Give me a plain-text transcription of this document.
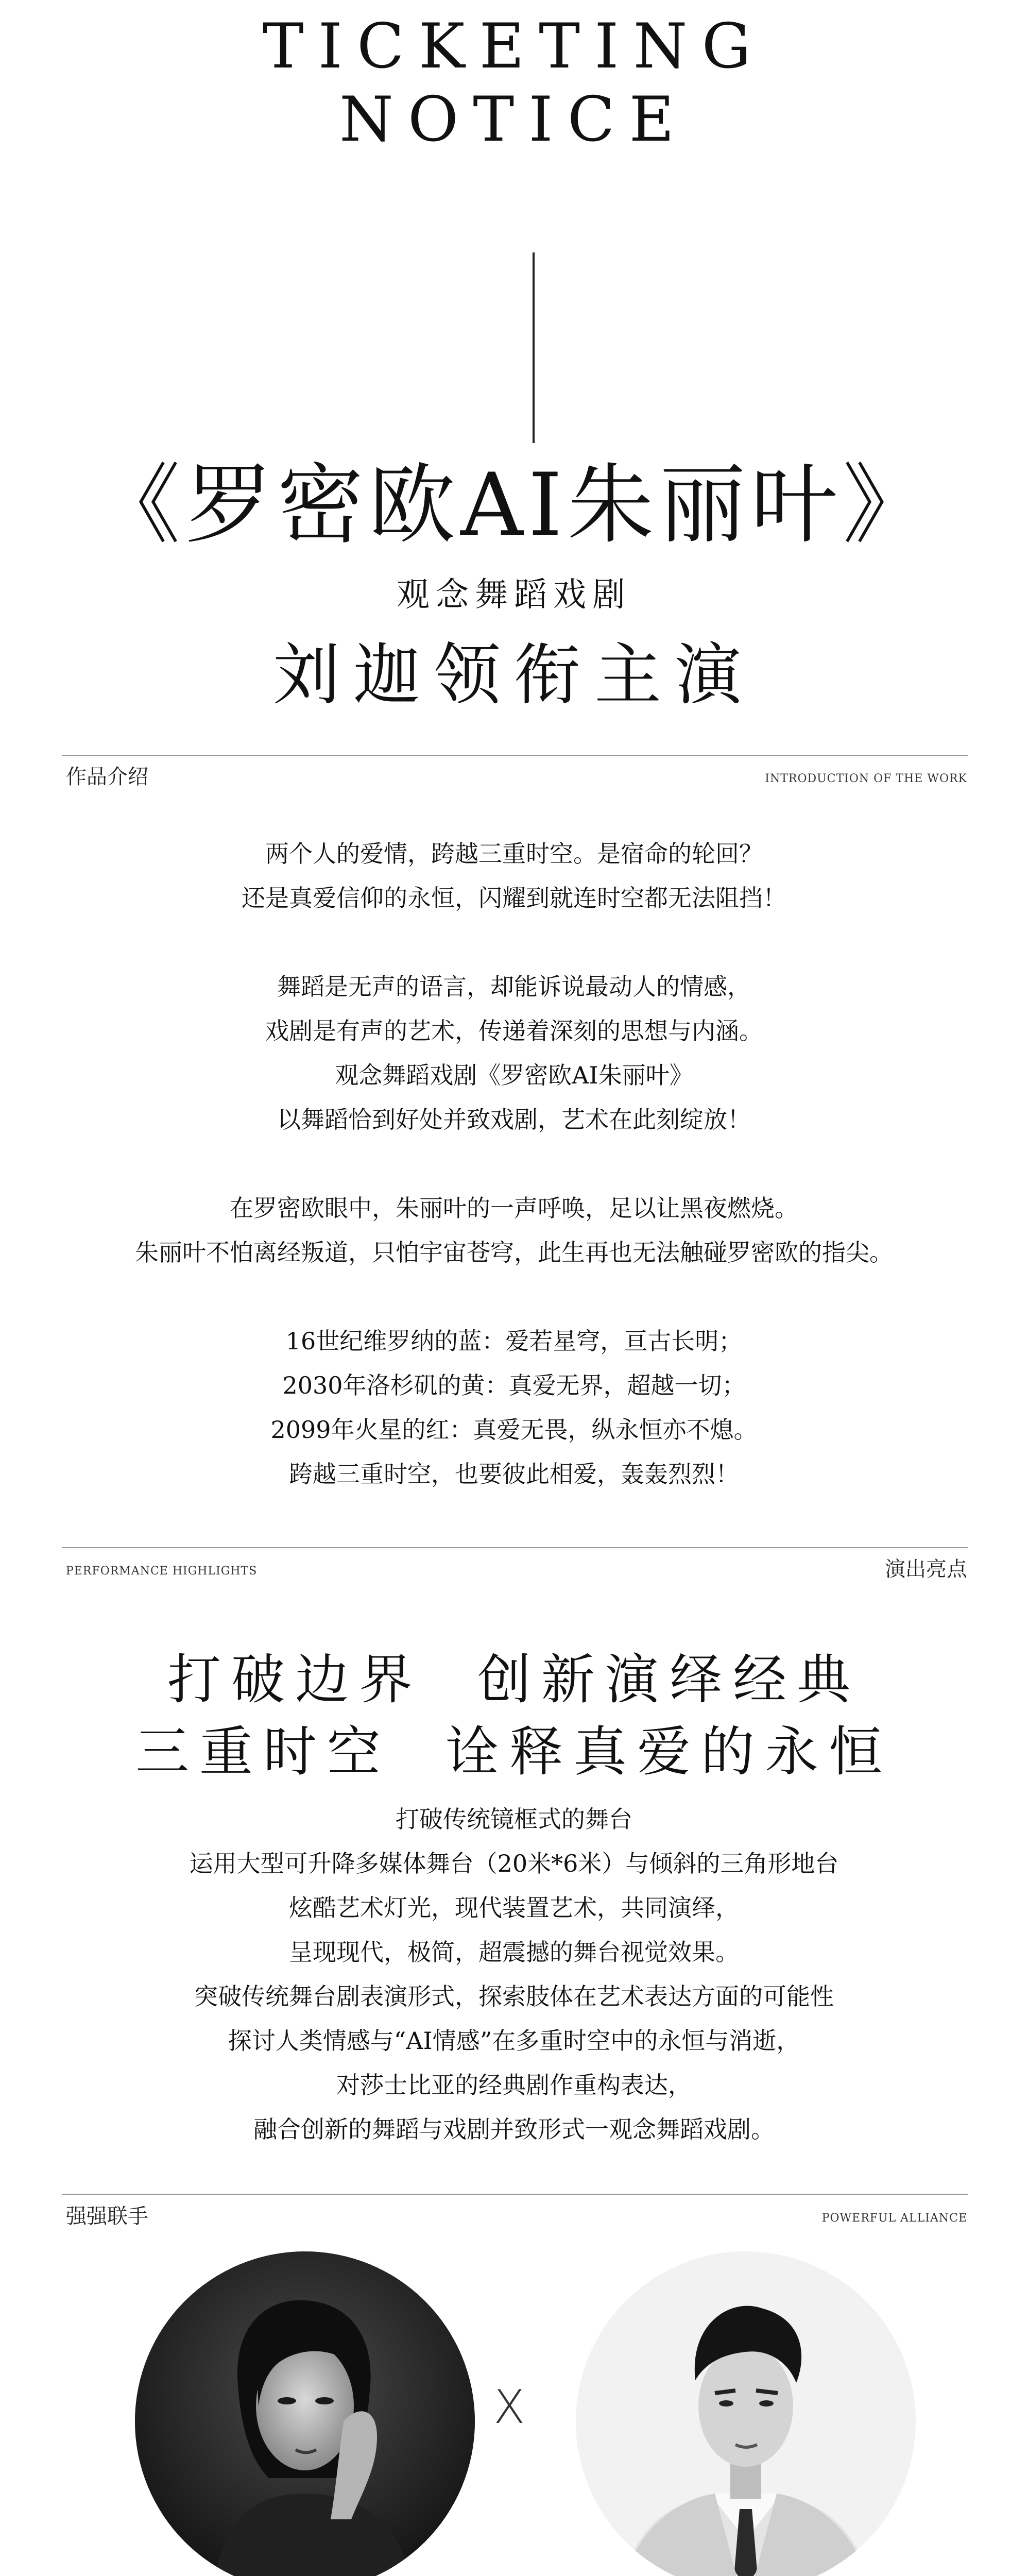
TICKETING
NOTICE
《罗密欧AI朱丽叶》
观念舞蹈戏剧
刘迦领衔主演
作品介绍	INTRODUCTION OF THE WORK
两个人的爱情，跨越三重时空。是宿命的轮回？
还是真爱信仰的永恒，闪耀到就连时空都无法阻挡！
舞蹈是无声的语言，却能诉说最动人的情感，
戏剧是有声的艺术，传递着深刻的思想与内涵。
观念舞蹈戏剧《罗密欧AI朱丽叶》
以舞蹈恰到好处并致戏剧，艺术在此刻绽放！
在罗密欧眼中，朱丽叶的一声呼唤，足以让黑夜燃烧。
朱丽叶不怕离经叛道，只怕宇宙苍穹，此生再也无法触碰罗密欧的指尖。
16世纪维罗纳的蓝：爱若星穹，亘古长明；
2030年洛杉矶的黄：真爱无界，超越一切；
2099年火星的红：真爱无畏，纵永恒亦不熄。
跨越三重时空，也要彼此相爱，轰轰烈烈！
PERFORMANCE HIGHLIGHTS	演出亮点
打破边界  创新演绎经典
三重时空  诠释真爱的永恒
打破传统镜框式的舞台
运用大型可升降多媒体舞台（20米*6米）与倾斜的三角形地台
炫酷艺术灯光，现代装置艺术，共同演绎，
呈现现代，极简，超震撼的舞台视觉效果。
突破传统舞台剧表演形式，探索肢体在艺术表达方面的可能性
探讨人类情感与“AI情感”在多重时空中的永恒与消逝，
对莎士比亚的经典剧作重构表达，
融合创新的舞蹈与戏剧并致形式一观念舞蹈戏剧。
强强联手	POWERFUL ALLIANCE
X
